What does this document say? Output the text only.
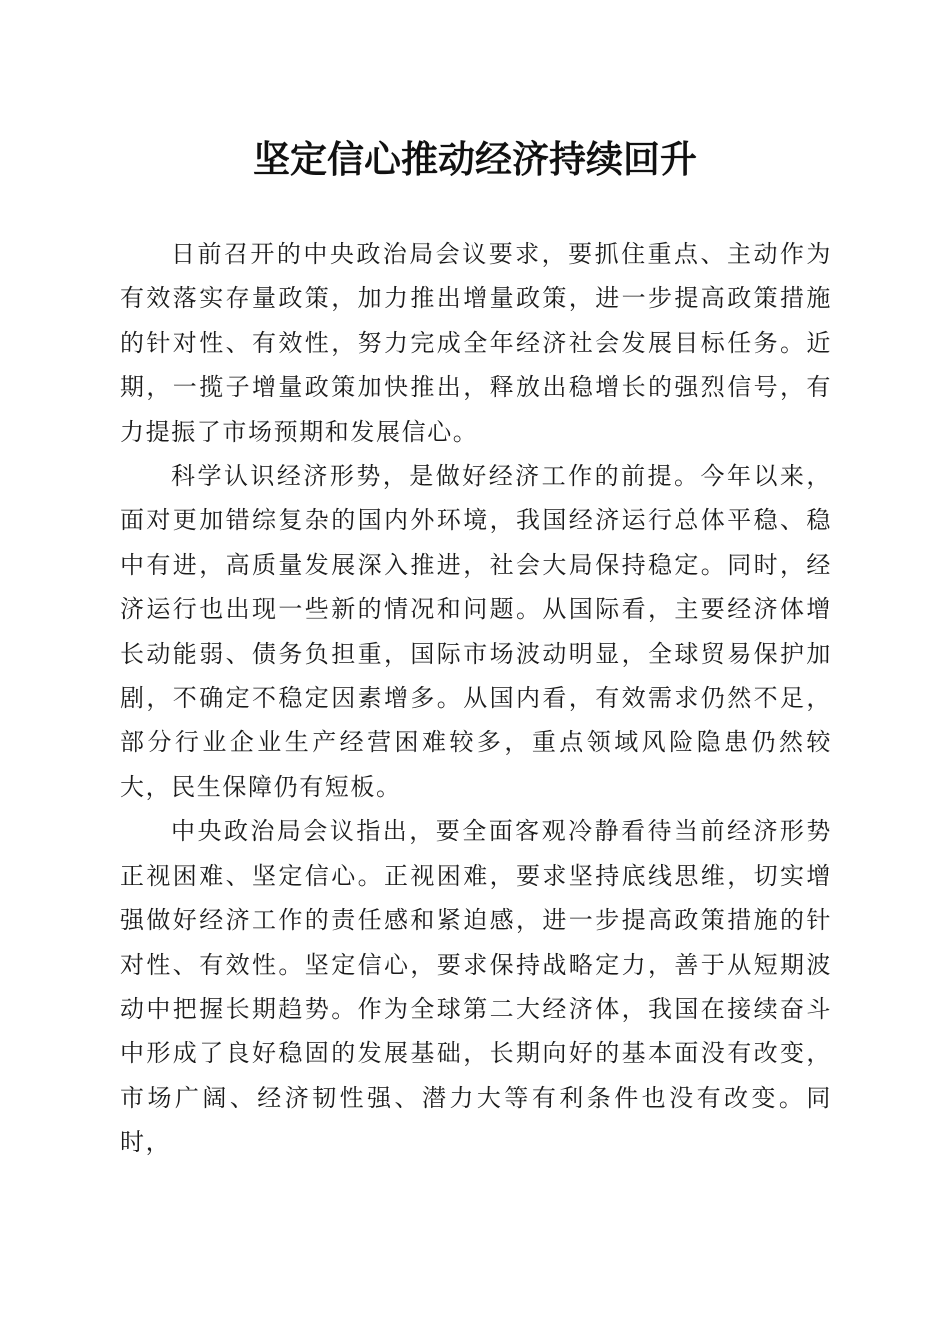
坚定信心推动经济持续回升

日前召开的中央政治局会议要求，要抓住重点、主动作为有效落实存量政策，加力推出增量政策，进一步提高政策措施的针对性、有效性，努力完成全年经济社会发展目标任务。近期，一揽子增量政策加快推出，释放出稳增长的强烈信号，有力提振了市场预期和发展信心。

科学认识经济形势，是做好经济工作的前提。今年以来，面对更加错综复杂的国内外环境，我国经济运行总体平稳、稳中有进，高质量发展深入推进，社会大局保持稳定。同时，经济运行也出现一些新的情况和问题。从国际看，主要经济体增长动能弱、债务负担重，国际市场波动明显，全球贸易保护加剧，不确定不稳定因素增多。从国内看，有效需求仍然不足，部分行业企业生产经营困难较多，重点领域风险隐患仍然较大，民生保障仍有短板。

中央政治局会议指出，要全面客观冷静看待当前经济形势正视困难、坚定信心。正视困难，要求坚持底线思维，切实增强做好经济工作的责任感和紧迫感，进一步提高政策措施的针对性、有效性。坚定信心，要求保持战略定力，善于从短期波动中把握长期趋势。作为全球第二大经济体，我国在接续奋斗中形成了良好稳固的发展基础，长期向好的基本面没有改变，市场广阔、经济韧性强、潜力大等有利条件也没有改变。同时，
